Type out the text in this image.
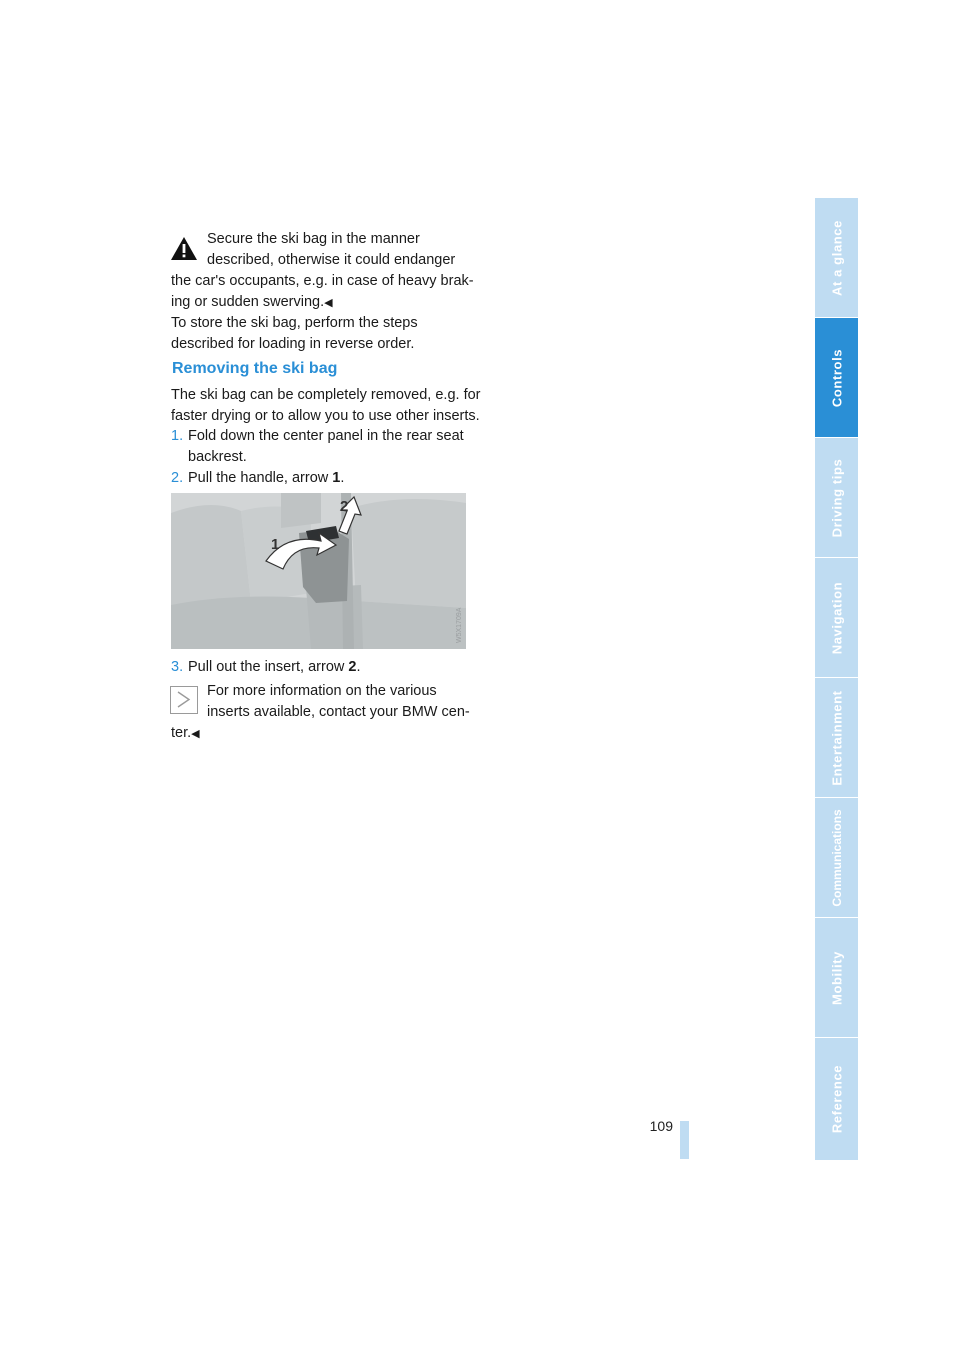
Secure the ski bag in the manner

described, otherwise it could endanger

the car's occupants, e.g. in case of heavy brak-

ing or sudden swerving.◀

To store the ski bag, perform the steps

described for loading in reverse order.

Removing the ski bag

The ski bag can be completely removed, e.g. for

faster drying or to allow you to use other inserts.

1. Fold down the center panel in the rear seat

backrest.

2. Pull the handle, arrow 1.

1
2
W5X1709A

3. Pull out the insert, arrow 2.

For more information on the various

inserts available, contact your BMW cen-

ter.◀

109
At a glance
Controls
Driving tips
Navigation
Entertainment
Communications
Mobility
Reference
